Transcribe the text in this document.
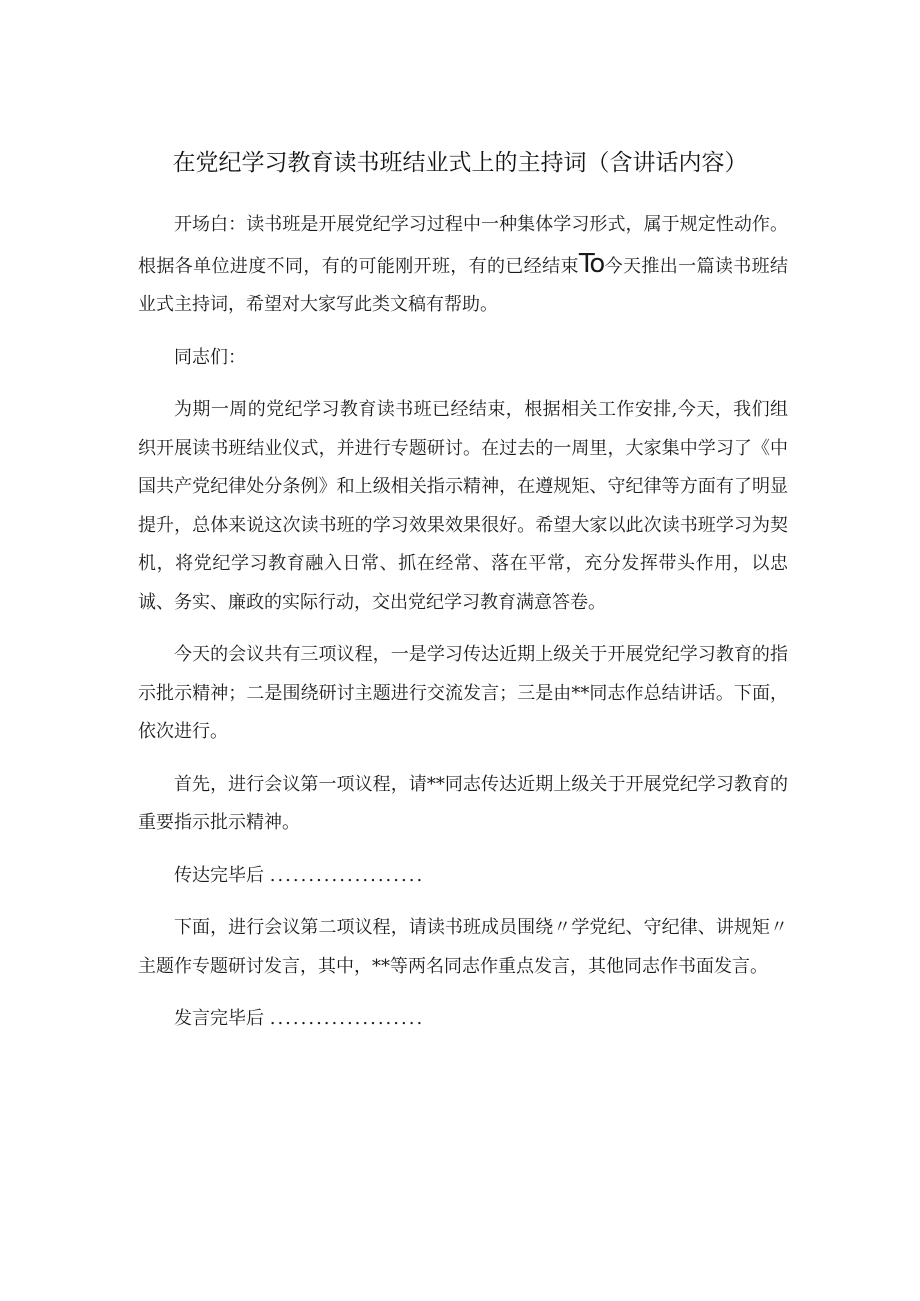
在党纪学习教育读书班结业式上的主持词（含讲话内容）

开场白：读书班是开展党纪学习过程中一种集体学习形式，属于规定性动作。根据各单位进度不同，有的可能刚开班，有的已经结束To今天推出一篇读书班结业式主持词，希望对大家写此类文稿有帮助。

同志们：

为期一周的党纪学习教育读书班已经结束，根据相关工作安排,今天，我们组织开展读书班结业仪式，并进行专题研讨。在过去的一周里，大家集中学习了《中国共产党纪律处分条例》和上级相关指示精神，在遵规矩、守纪律等方面有了明显提升，总体来说这次读书班的学习效果效果很好。希望大家以此次读书班学习为契机，将党纪学习教育融入日常、抓在经常、落在平常，充分发挥带头作用，以忠诚、务实、廉政的实际行动，交出党纪学习教育满意答卷。

今天的会议共有三项议程，一是学习传达近期上级关于开展党纪学习教育的指示批示精神；二是围绕研讨主题进行交流发言；三是由**同志作总结讲话。下面，依次进行。

首先，进行会议第一项议程，请**同志传达近期上级关于开展党纪学习教育的重要指示批示精神。

传达完毕后 ....................

下面，进行会议第二项议程，请读书班成员围绕〃学党纪、守纪律、讲规矩〃主题作专题研讨发言，其中，**等两名同志作重点发言，其他同志作书面发言。

发言完毕后 ....................
